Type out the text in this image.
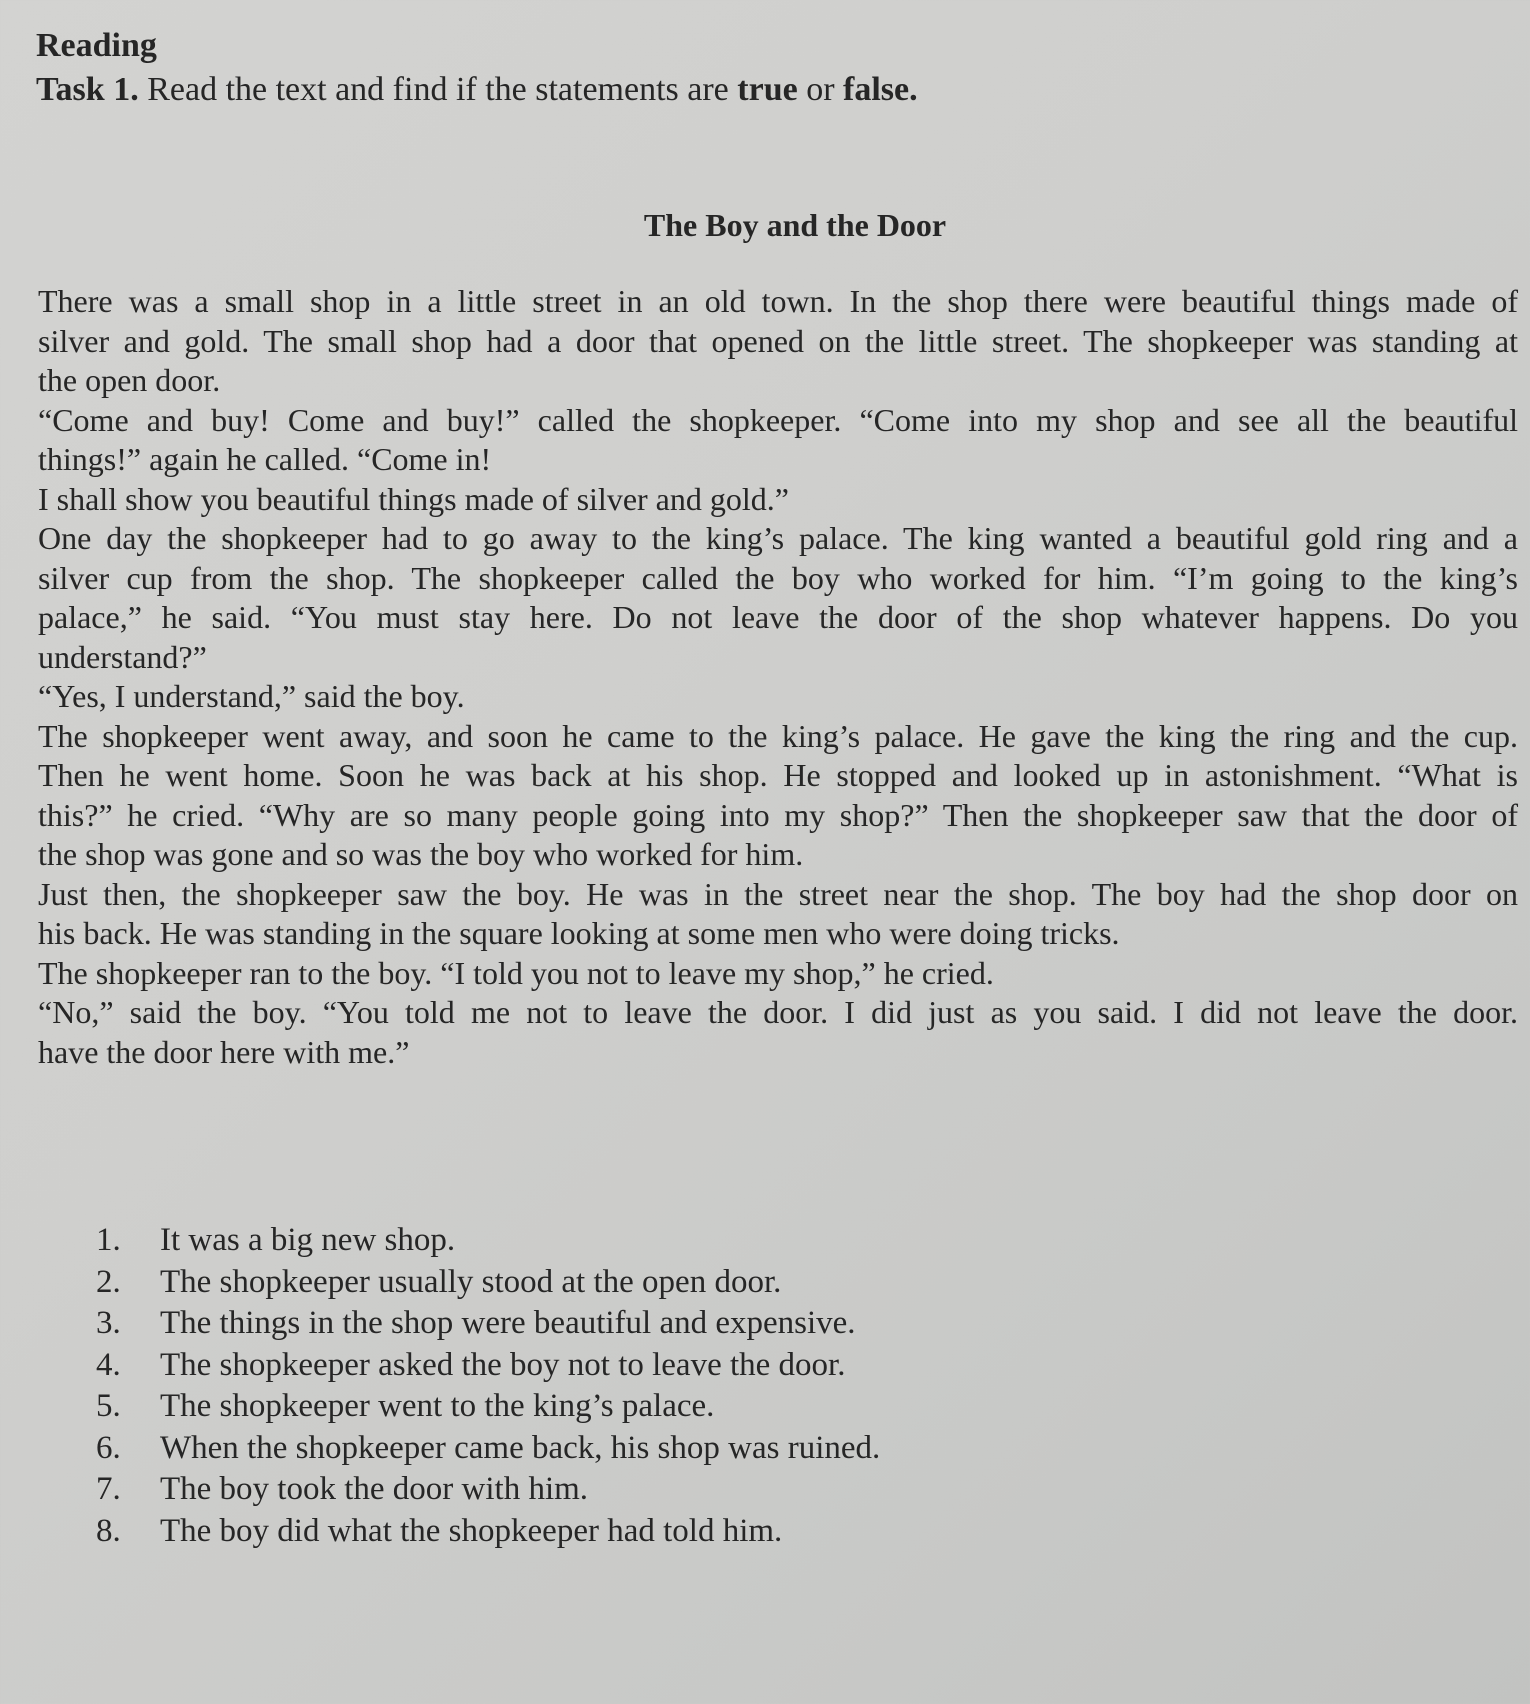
Reading

Task 1. Read the text and find if the statements are true or false.

The Boy and the Door
There was a small shop in a little street in an old town. In the shop there were beautiful things made of
silver and gold. The small shop had a door that opened on the little street. The shopkeeper was standing at
the open door.
“Come and buy! Come and buy!” called the shopkeeper. “Come into my shop and see all the beautiful
things!” again he called. “Come in!
I shall show you beautiful things made of silver and gold.”
One day the shopkeeper had to go away to the king’s palace. The king wanted a beautiful gold ring and a
silver cup from the shop. The shopkeeper called the boy who worked for him. “I’m going to the king’s
palace,” he said. “You must stay here. Do not leave the door of the shop whatever happens. Do you
understand?”
“Yes, I understand,” said the boy.
The shopkeeper went away, and soon he came to the king’s palace. He gave the king the ring and the cup.
Then he went home. Soon he was back at his shop. He stopped and looked up in astonishment. “What is
this?” he cried. “Why are so many people going into my shop?” Then the shopkeeper saw that the door of
the shop was gone and so was the boy who worked for him.
Just then, the shopkeeper saw the boy. He was in the street near the shop. The boy had the shop door on
his back. He was standing in the square looking at some men who were doing tricks.
The shopkeeper ran to the boy. “I told you not to leave my shop,” he cried.
“No,” said the boy. “You told me not to leave the door. I did just as you said. I did not leave the door.
have the door here with me.”
1.	It was a big new shop.
2.	The shopkeeper usually stood at the open door.
3.	The things in the shop were beautiful and expensive.
4.	The shopkeeper asked the boy not to leave the door.
5.	The shopkeeper went to the king’s palace.
6.	When the shopkeeper came back, his shop was ruined.
7.	The boy took the door with him.
8.	The boy did what the shopkeeper had told him.
